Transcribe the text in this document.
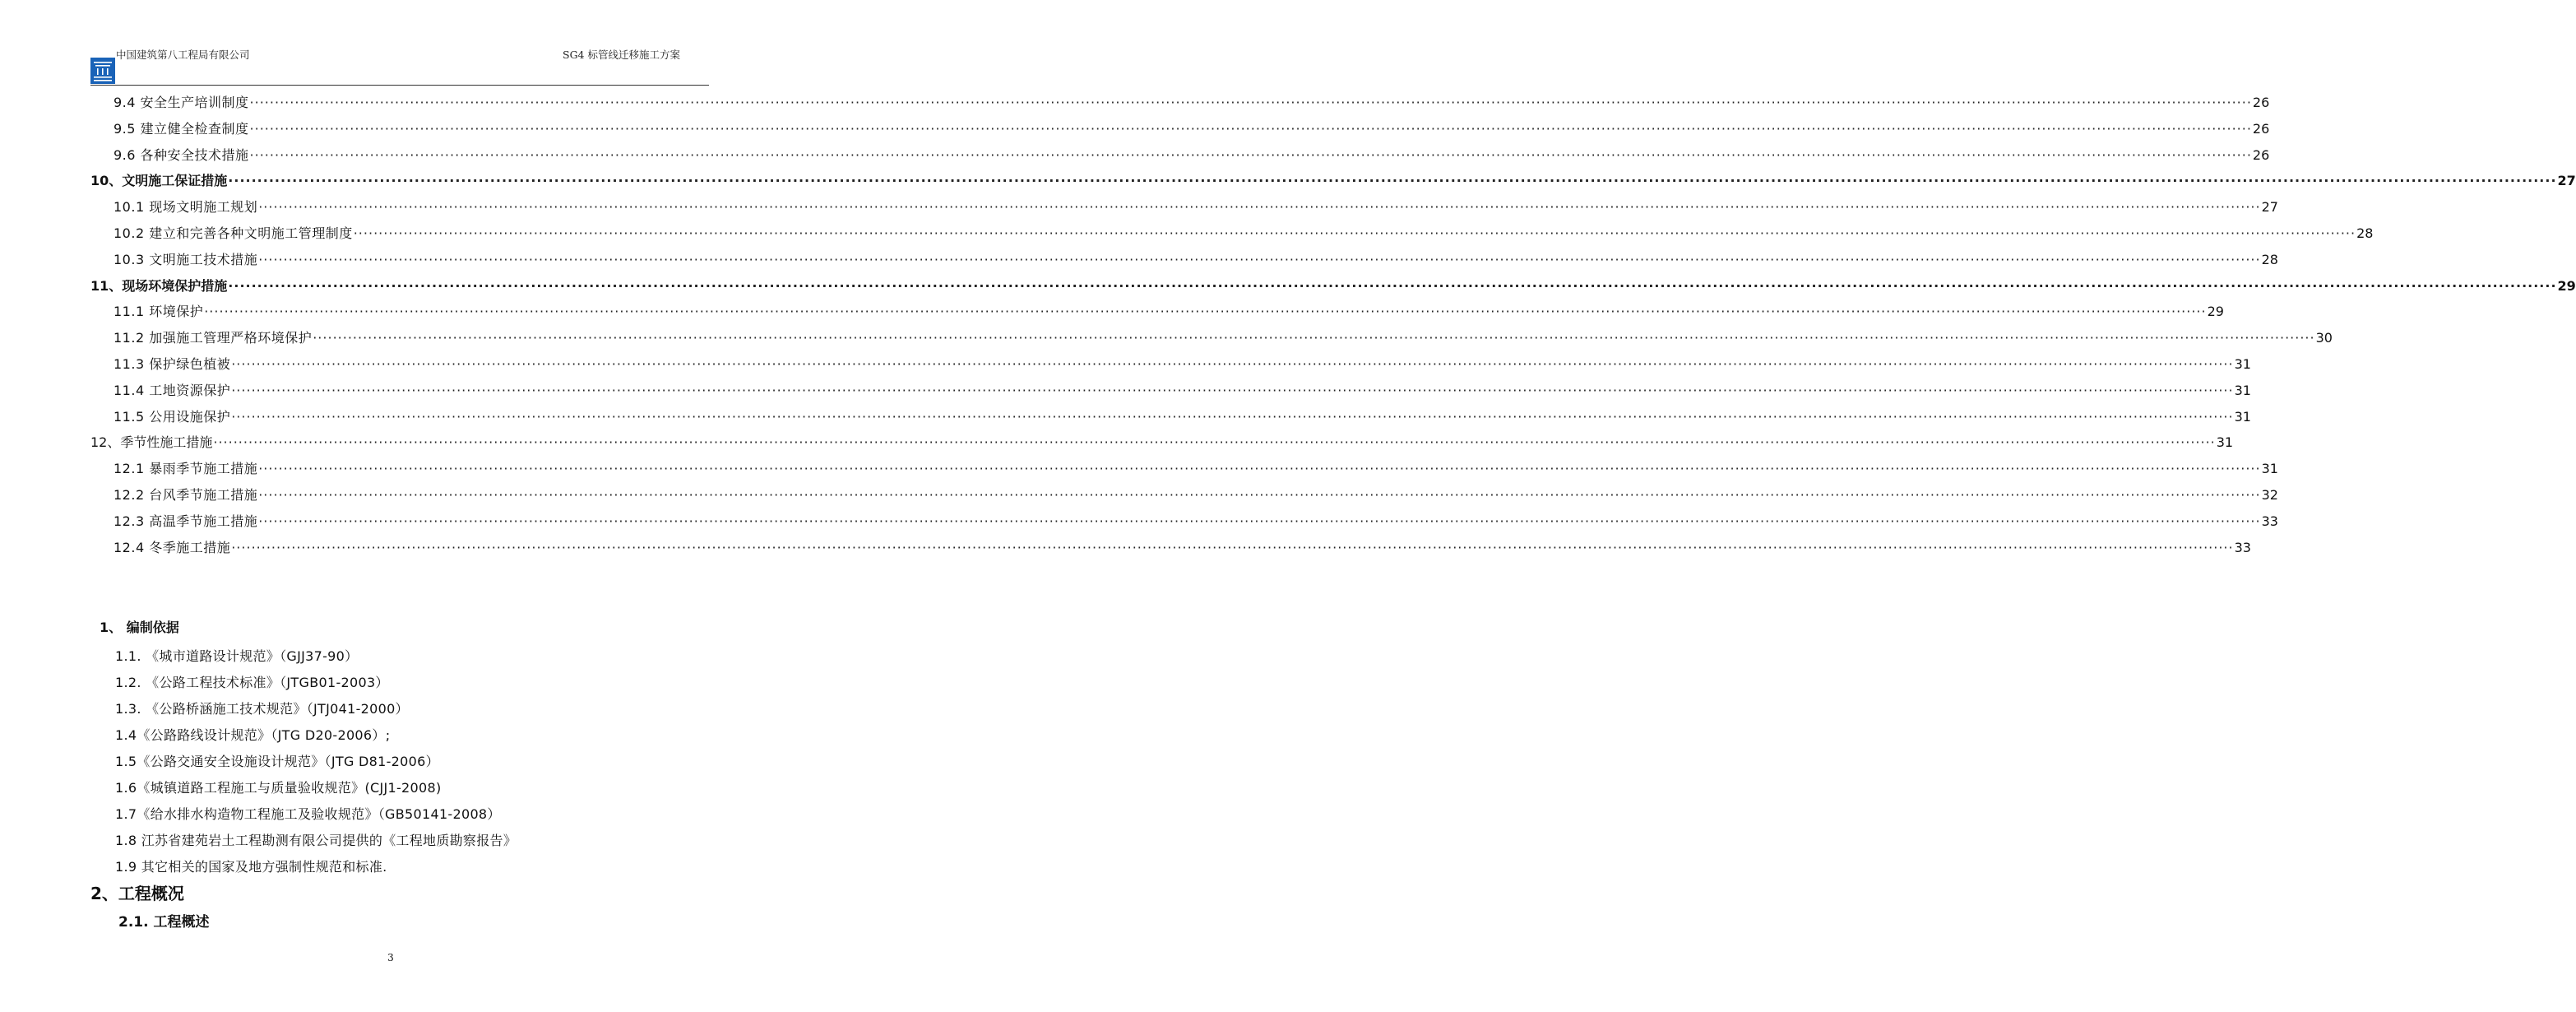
中国建筑第八工程局有限公司	SG4 标管线迁移施工方案
9.4 安全生产培训制度 ················································································································································································································································································································································································································ 26
9.5 建立健全检查制度 ················································································································································································································································································································································································································ 26
9.6 各种安全技术措施 ················································································································································································································································································································································································································ 26
10、文明施工保证措施 ················································································································································································································································································································································································································ 27
10.1 现场文明施工规划 ················································································································································································································································································································································································································ 27
10.2 建立和完善各种文明施工管理制度 ················································································································································································································································································································································································································ 28
10.3 文明施工技术措施 ················································································································································································································································································································································································································ 28
11、现场环境保护措施 ················································································································································································································································································································································································································ 29
11.1 环境保护 ················································································································································································································································································································································································································ 29
11.2 加强施工管理严格环境保护 ················································································································································································································································································································································································································ 30
11.3 保护绿色植被 ················································································································································································································································································································································································································ 31
11.4 工地资源保护 ················································································································································································································································································································································································································ 31
11.5 公用设施保护 ················································································································································································································································································································································································································ 31
12、季节性施工措施 ················································································································································································································································································································································································································ 31
12.1 暴雨季节施工措施 ················································································································································································································································································································································································································ 31
12.2 台风季节施工措施 ················································································································································································································································································································································································································ 32
12.3 高温季节施工措施 ················································································································································································································································································································································································································ 33
12.4 冬季施工措施 ················································································································································································································································································································································································································ 33
1、 编制依据
1.1. 《城市道路设计规范》（GJJ37-90）
1.2. 《公路工程技术标准》（JTGB01-2003）
1.3. 《公路桥涵施工技术规范》（JTJ041-2000）
1.4《公路路线设计规范》（JTG D20-2006）;
1.5《公路交通安全设施设计规范》（JTG D81-2006）
1.6《城镇道路工程施工与质量验收规范》(CJJ1-2008)
1.7《给水排水构造物工程施工及验收规范》（GB50141-2008）
1.8 江苏省建苑岩土工程勘测有限公司提供的《工程地质勘察报告》
1.9 其它相关的国家及地方强制性规范和标准.
2、工程概况
2.1. 工程概述
3
